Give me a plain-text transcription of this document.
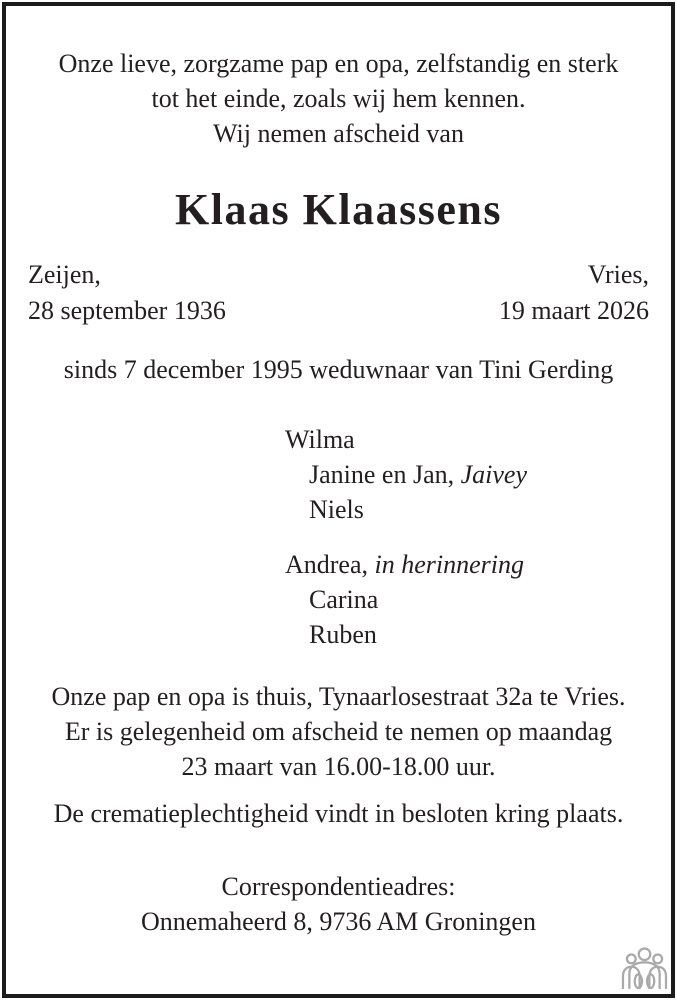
Onze lieve, zorgzame pap en opa, zelfstandig en sterk
tot het einde, zoals wij hem kennen.
Wij nemen afscheid van
Klaas Klaassens
Zeijen,
28 september 1936
Vries,
19 maart 2026
sinds 7 december 1995 weduwnaar van Tini Gerding
Wilma
Janine en Jan, Jaivey
Niels
Andrea, in herinnering
Carina
Ruben
Onze pap en opa is thuis, Tynaarlosestraat 32a te Vries.
Er is gelegenheid om afscheid te nemen op maandag
23 maart van 16.00-18.00 uur.
De crematieplechtigheid vindt in besloten kring plaats.
Correspondentieadres:
Onnemaheerd 8, 9736 AM Groningen
